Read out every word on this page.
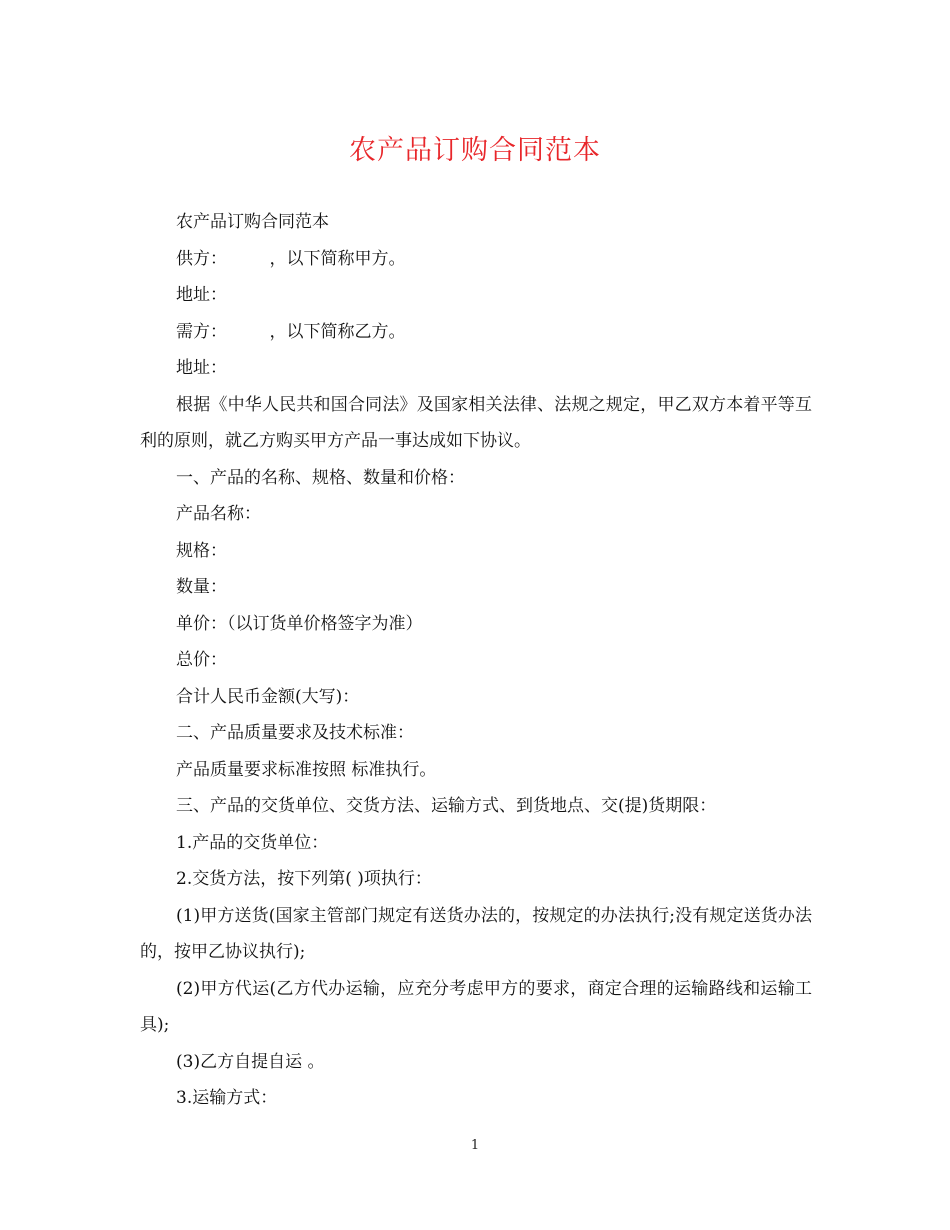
农产品订购合同范本

农产品订购合同范本

供方：　　　，以下简称甲方。

地址：

需方：　　　，以下简称乙方。

地址：

根据《中华人民共和国合同法》及国家相关法律、法规之规定，甲乙双方本着平等互利的原则，就乙方购买甲方产品一事达成如下协议。

一、产品的名称、规格、数量和价格：

产品名称：

规格：

数量：

单价：（以订货单价格签字为准）

总价：

合计人民币金额(大写)：

二、产品质量要求及技术标准：

产品质量要求标准按照 标准执行。

三、产品的交货单位、交货方法、运输方式、到货地点、交(提)货期限：

1.产品的交货单位：

2.交货方法，按下列第( )项执行：

(1)甲方送货(国家主管部门规定有送货办法的，按规定的办法执行;没有规定送货办法的，按甲乙协议执行);

(2)甲方代运(乙方代办运输，应充分考虑甲方的要求，商定合理的运输路线和运输工具);

(3)乙方自提自运 。

3.运输方式：

1
